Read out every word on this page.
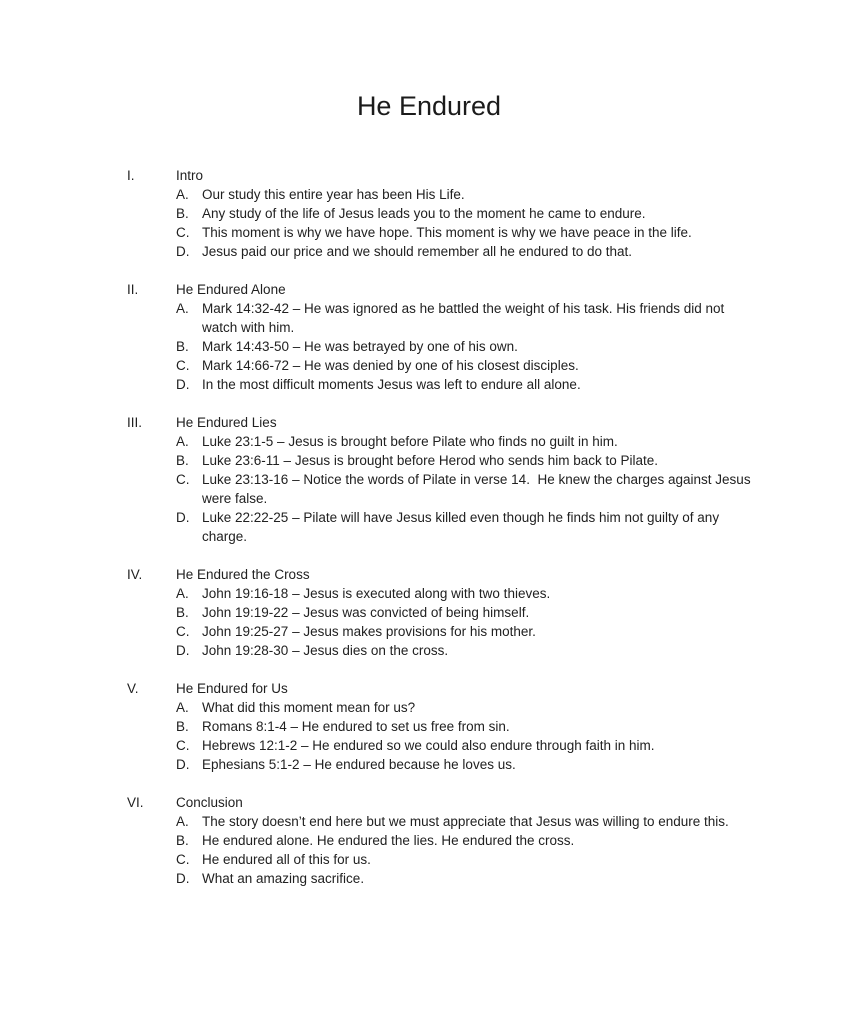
He Endured
I.	Intro
A. Our study this entire year has been His Life.
B. Any study of the life of Jesus leads you to the moment he came to endure.
C. This moment is why we have hope. This moment is why we have peace in the life.
D. Jesus paid our price and we should remember all he endured to do that.
II.	He Endured Alone
A. Mark 14:32-42 – He was ignored as he battled the weight of his task. His friends did not watch with him.
B. Mark 14:43-50 – He was betrayed by one of his own.
C. Mark 14:66-72 – He was denied by one of his closest disciples.
D. In the most difficult moments Jesus was left to endure all alone.
III.	He Endured Lies
A. Luke 23:1-5 – Jesus is brought before Pilate who finds no guilt in him.
B. Luke 23:6-11 – Jesus is brought before Herod who sends him back to Pilate.
C. Luke 23:13-16 – Notice the words of Pilate in verse 14.  He knew the charges against Jesus were false.
D. Luke 22:22-25 – Pilate will have Jesus killed even though he finds him not guilty of any charge.
IV.	He Endured the Cross
A. John 19:16-18 – Jesus is executed along with two thieves.
B. John 19:19-22 – Jesus was convicted of being himself.
C. John 19:25-27 – Jesus makes provisions for his mother.
D. John 19:28-30 – Jesus dies on the cross.
V.	He Endured for Us
A. What did this moment mean for us?
B. Romans 8:1-4 – He endured to set us free from sin.
C. Hebrews 12:1-2 – He endured so we could also endure through faith in him.
D. Ephesians 5:1-2 – He endured because he loves us.
VI.	Conclusion
A. The story doesn’t end here but we must appreciate that Jesus was willing to endure this.
B. He endured alone. He endured the lies. He endured the cross.
C. He endured all of this for us.
D. What an amazing sacrifice.
